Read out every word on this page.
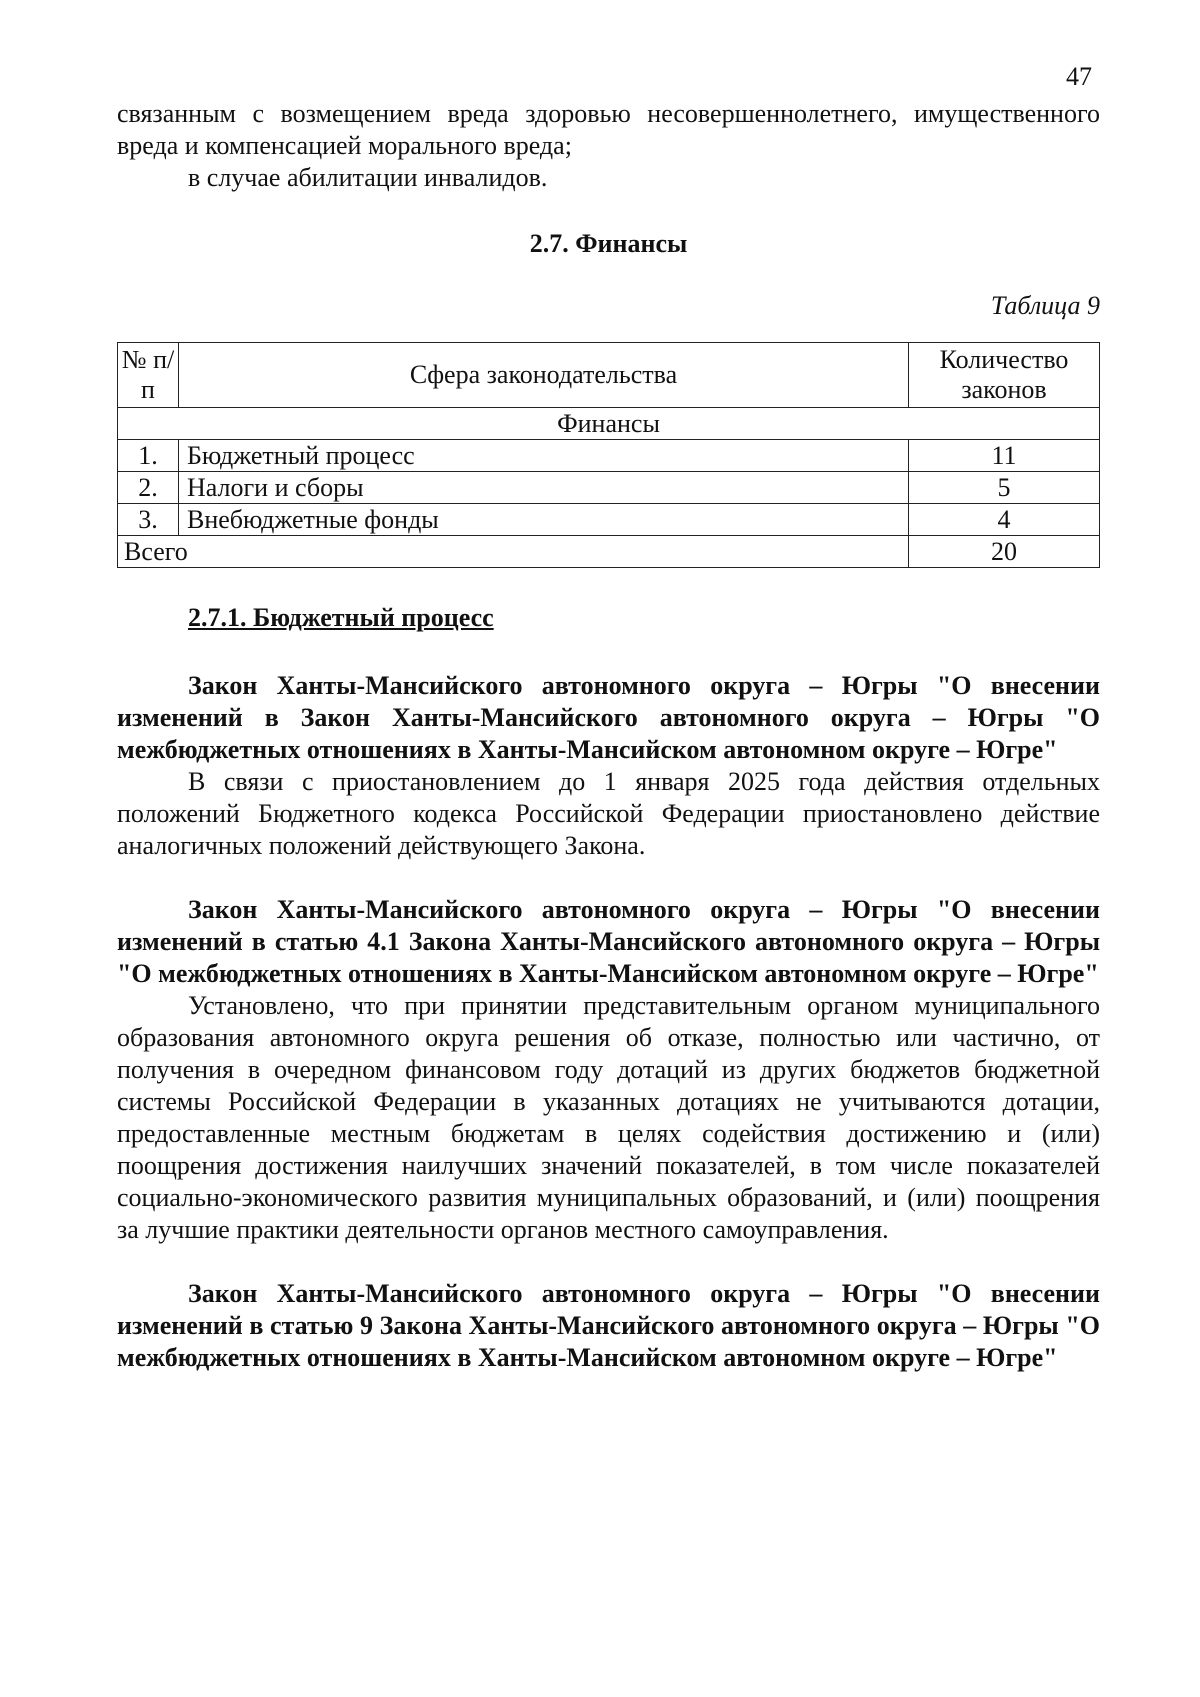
47

связанным с возмещением вреда здоровью несовершеннолетнего, имущественного вреда и компенсацией морального вреда;

в случае абилитации инвалидов.

2.7. Финансы

Таблица 9

№ п/п	Сфера законодательства	Количество законов
Финансы		
1.	Бюджетный процесс	11
2.	Налоги и сборы	5
3.	Внебюджетные фонды	4
Всего		20

2.7.1. Бюджетный процесс

Закон Ханты-Мансийского автономного округа – Югры "О внесении изменений в Закон Ханты-Мансийского автономного округа – Югры "О межбюджетных отношениях в Ханты-Мансийском автономном округе – Югре"

В связи с приостановлением до 1 января 2025 года действия отдельных положений Бюджетного кодекса Российской Федерации приостановлено действие аналогичных положений действующего Закона.

Закон Ханты-Мансийского автономного округа – Югры "О внесении изменений в статью 4.1 Закона Ханты-Мансийского автономного округа – Югры "О межбюджетных отношениях в Ханты-Мансийском автономном округе – Югре"

Установлено, что при принятии представительным органом муниципального образования автономного округа решения об отказе, полностью или частично, от получения в очередном финансовом году дотаций из других бюджетов бюджетной системы Российской Федерации в указанных дотациях не учитываются дотации, предоставленные местным бюджетам в целях содействия достижению и (или) поощрения достижения наилучших значений показателей, в том числе показателей социально-экономического развития муниципальных образований, и (или) поощрения за лучшие практики деятельности органов местного самоуправления.

Закон Ханты-Мансийского автономного округа – Югры "О внесении изменений в статью 9 Закона Ханты-Мансийского автономного округа – Югры "О межбюджетных отношениях в Ханты-Мансийском автономном округе – Югре"
